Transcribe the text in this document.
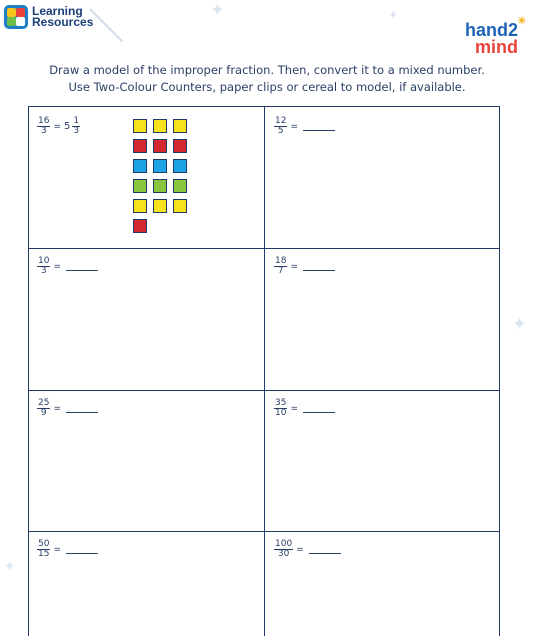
✦	✦
✦
✦
Learning
Resources	✳
hand2
mind
Draw a model of the improper fraction. Then, convert it to a mixed number.
Use Two-Colour Counters, paper clips or cereal to model, if available.
$\frac{16}{3} = 5 \frac{1}{3}$	$\frac{12}{5}$ =
$\frac{10}{3}$ =	$\frac{18}{7}$ =
$\frac{25}{9}$ =	$\frac{35}{10}$ =
$\frac{50}{15}$ =	$\frac{100}{30}$ =
